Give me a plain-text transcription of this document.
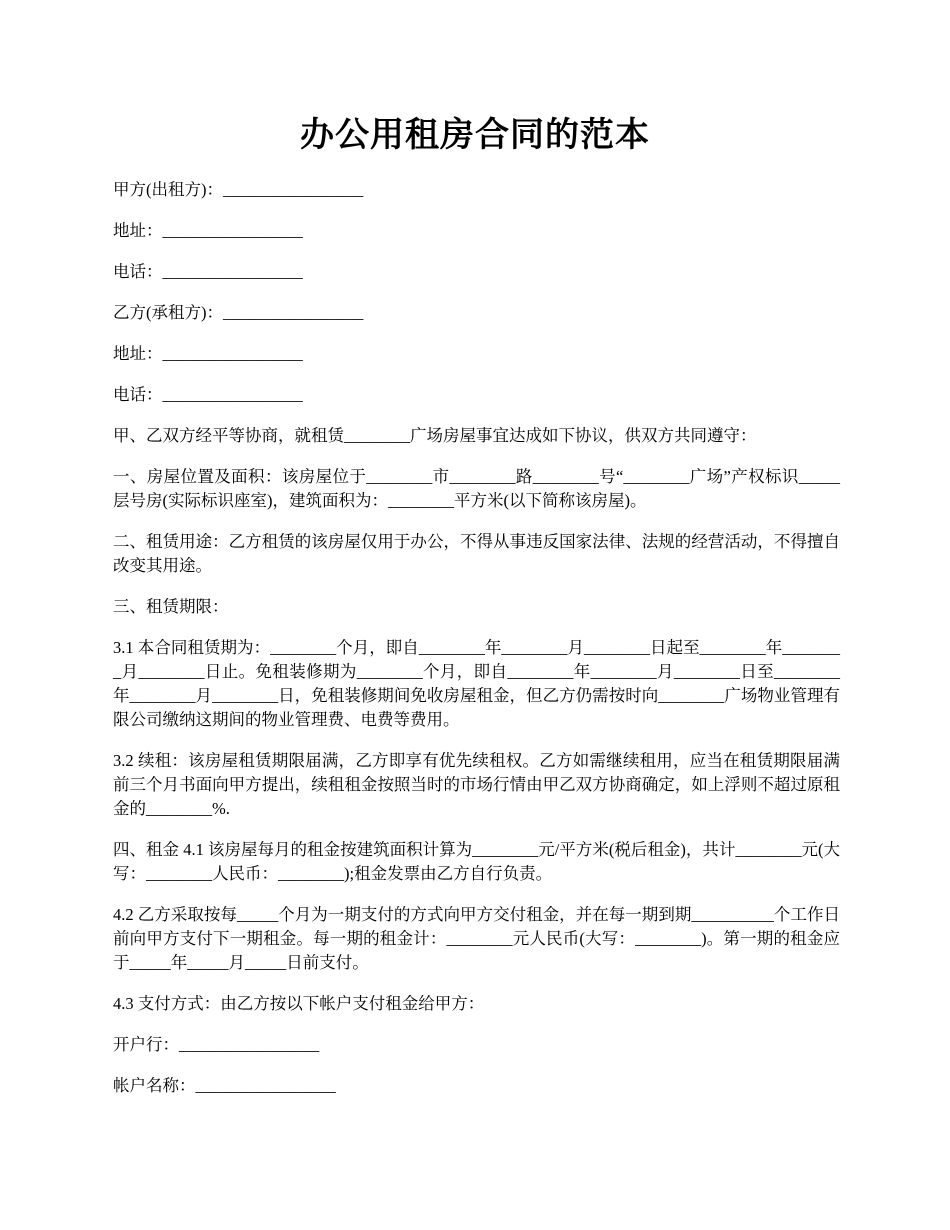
办公用租房合同的范本

甲方(出租方)：_________________

地址：_________________

电话：_________________

乙方(承租方)：_________________

地址：_________________

电话：_________________

甲、乙双方经平等协商，就租赁________广场房屋事宜达成如下协议，供双方共同遵守：

一、房屋位置及面积：该房屋位于________市________路________号“________广场”产权标识_____层号房(实际标识座室)，建筑面积为：________平方米(以下简称该房屋)。

二、租赁用途：乙方租赁的该房屋仅用于办公，不得从事违反国家法律、法规的经营活动，不得擅自改变其用途。

三、租赁期限：

3.1 本合同租赁期为：________个月，即自________年________月________日起至________年________月________日止。免租装修期为________个月，即自________年________月________日至________年________月________日，免租装修期间免收房屋租金，但乙方仍需按时向________广场物业管理有限公司缴纳这期间的物业管理费、电费等费用。

3.2 续租：该房屋租赁期限届满，乙方即享有优先续租权。乙方如需继续租用，应当在租赁期限届满前三个月书面向甲方提出，续租租金按照当时的市场行情由甲乙双方协商确定，如上浮则不超过原租金的________%.

四、租金 4.1 该房屋每月的租金按建筑面积计算为________元/平方米(税后租金)，共计________元(大写：________人民币：________);租金发票由乙方自行负责。

4.2 乙方采取按每_____个月为一期支付的方式向甲方交付租金，并在每一期到期__________个工作日前向甲方支付下一期租金。每一期的租金计：________元人民币(大写：________)。第一期的租金应于_____年_____月_____日前支付。

4.3 支付方式：由乙方按以下帐户支付租金给甲方：

开户行：_________________

帐户名称：_________________
